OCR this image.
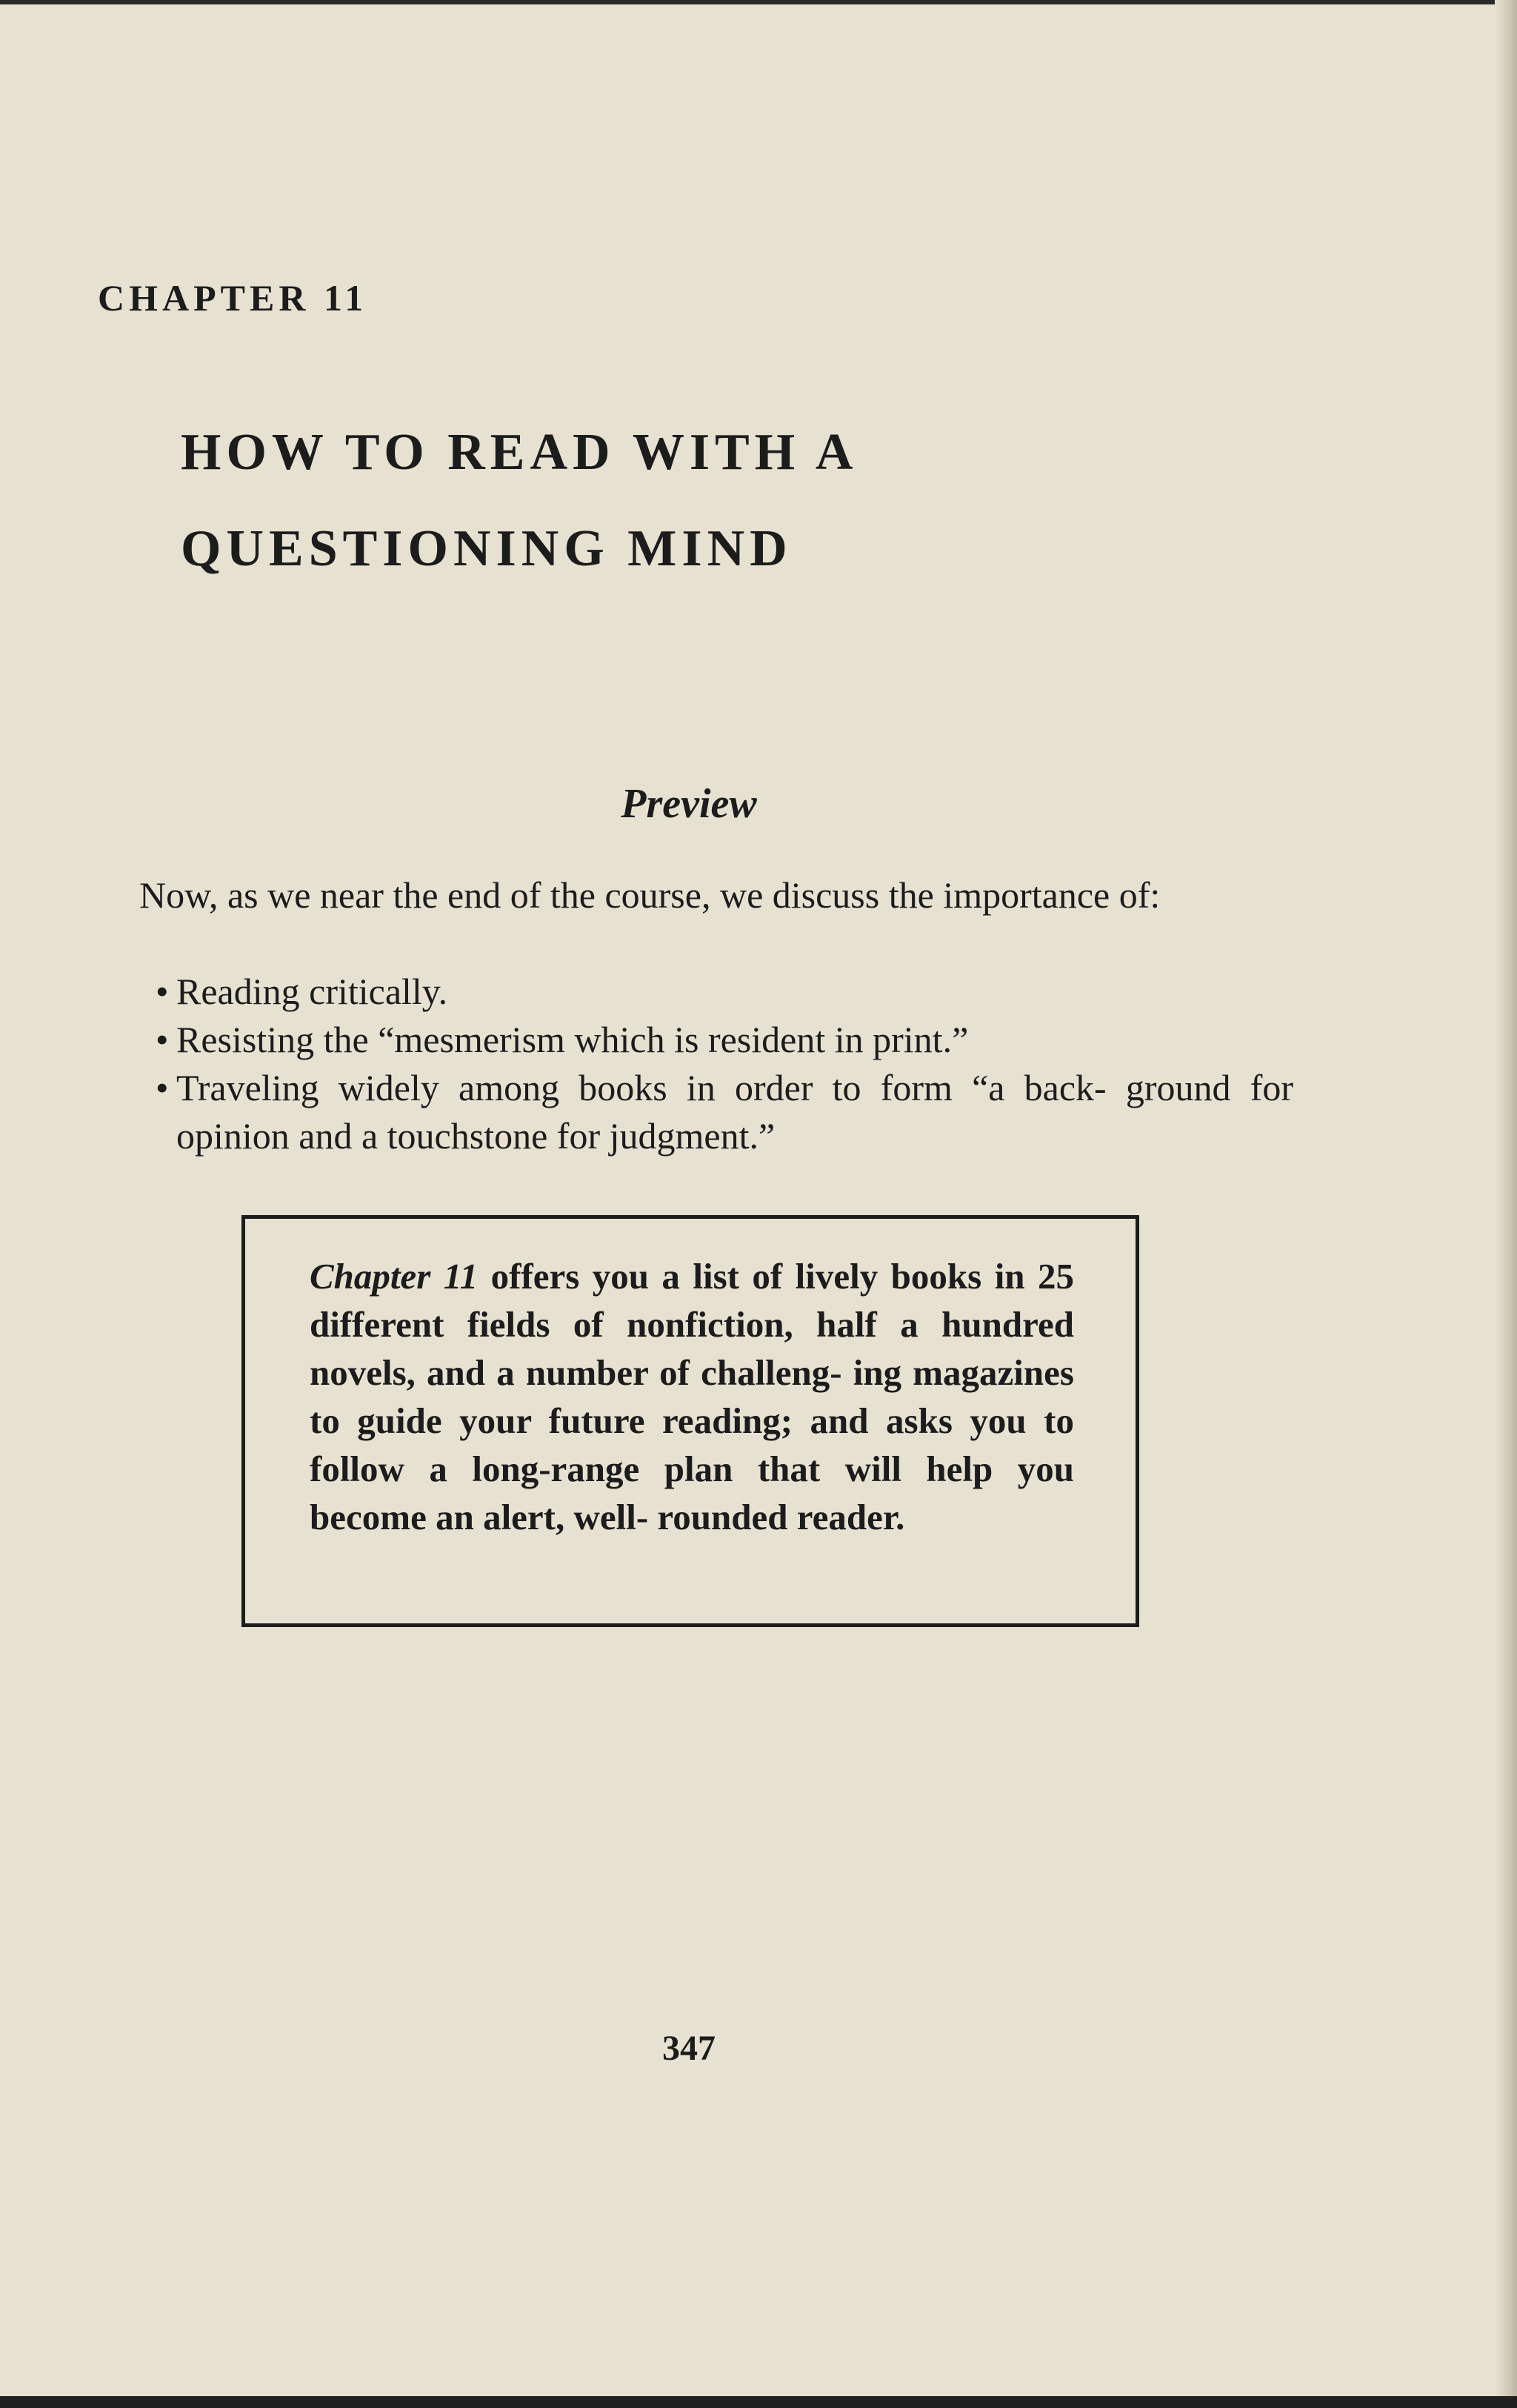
CHAPTER 11
HOW TO READ WITH A
QUESTIONING MIND
Preview

Now, as we near the end of the course, we discuss the importance of:

• Reading critically.
• Resisting the “mesmerism which is resident in print.”
• Traveling widely among books in order to form “a back- ground for opinion and a touchstone for judgment.”

Chapter 11 offers you a list of lively books in 25 different fields of nonfiction, half a hundred novels, and a number of challeng- ing magazines to guide your future reading; and asks you to follow a long-range plan that will help you become an alert, well- rounded reader.

347
